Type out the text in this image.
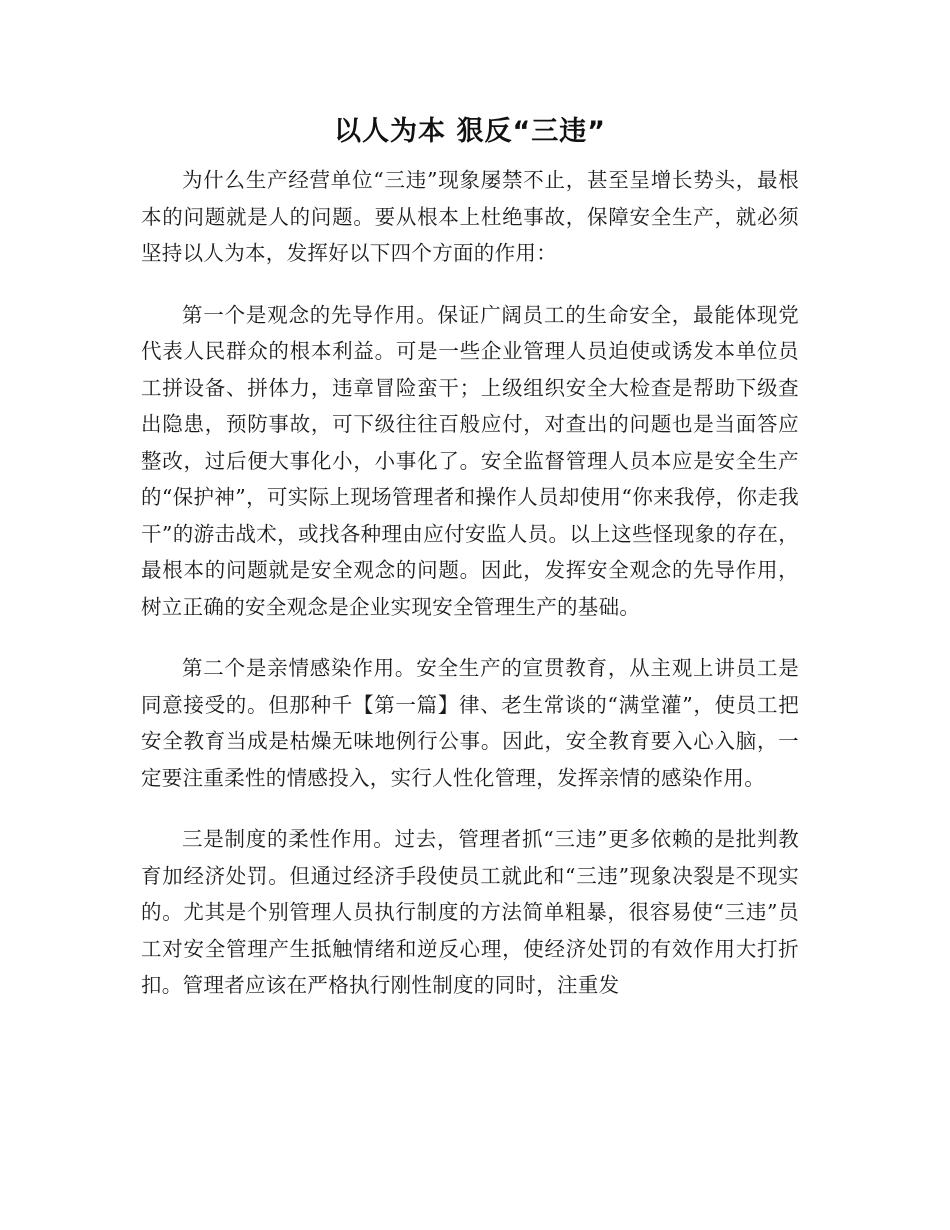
以人为本 狠反“三违”

为什么生产经营单位“三违”现象屡禁不止，甚至呈增长势头，最根本的问题就是人的问题。要从根本上杜绝事故，保障安全生产，就必须坚持以人为本，发挥好以下四个方面的作用：

第一个是观念的先导作用。保证广阔员工的生命安全，最能体现党代表人民群众的根本利益。可是一些企业管理人员迫使或诱发本单位员工拼设备、拼体力，违章冒险蛮干；上级组织安全大检查是帮助下级查出隐患，预防事故，可下级往往百般应付，对查出的问题也是当面答应整改，过后便大事化小，小事化了。安全监督管理人员本应是安全生产的“保护神”，可实际上现场管理者和操作人员却使用“你来我停，你走我干”的游击战术，或找各种理由应付安监人员。以上这些怪现象的存在，最根本的问题就是安全观念的问题。因此，发挥安全观念的先导作用，树立正确的安全观念是企业实现安全管理生产的基础。

第二个是亲情感染作用。安全生产的宣贯教育，从主观上讲员工是同意接受的。但那种千【第一篇】律、老生常谈的“满堂灌”，使员工把安全教育当成是枯燥无味地例行公事。因此，安全教育要入心入脑，一定要注重柔性的情感投入，实行人性化管理，发挥亲情的感染作用。

三是制度的柔性作用。过去，管理者抓“三违”更多依赖的是批判教育加经济处罚。但通过经济手段使员工就此和“三违”现象决裂是不现实的。尤其是个别管理人员执行制度的方法简单粗暴，很容易使“三违”员工对安全管理产生抵触情绪和逆反心理，使经济处罚的有效作用大打折扣。管理者应该在严格执行刚性制度的同时，注重发
